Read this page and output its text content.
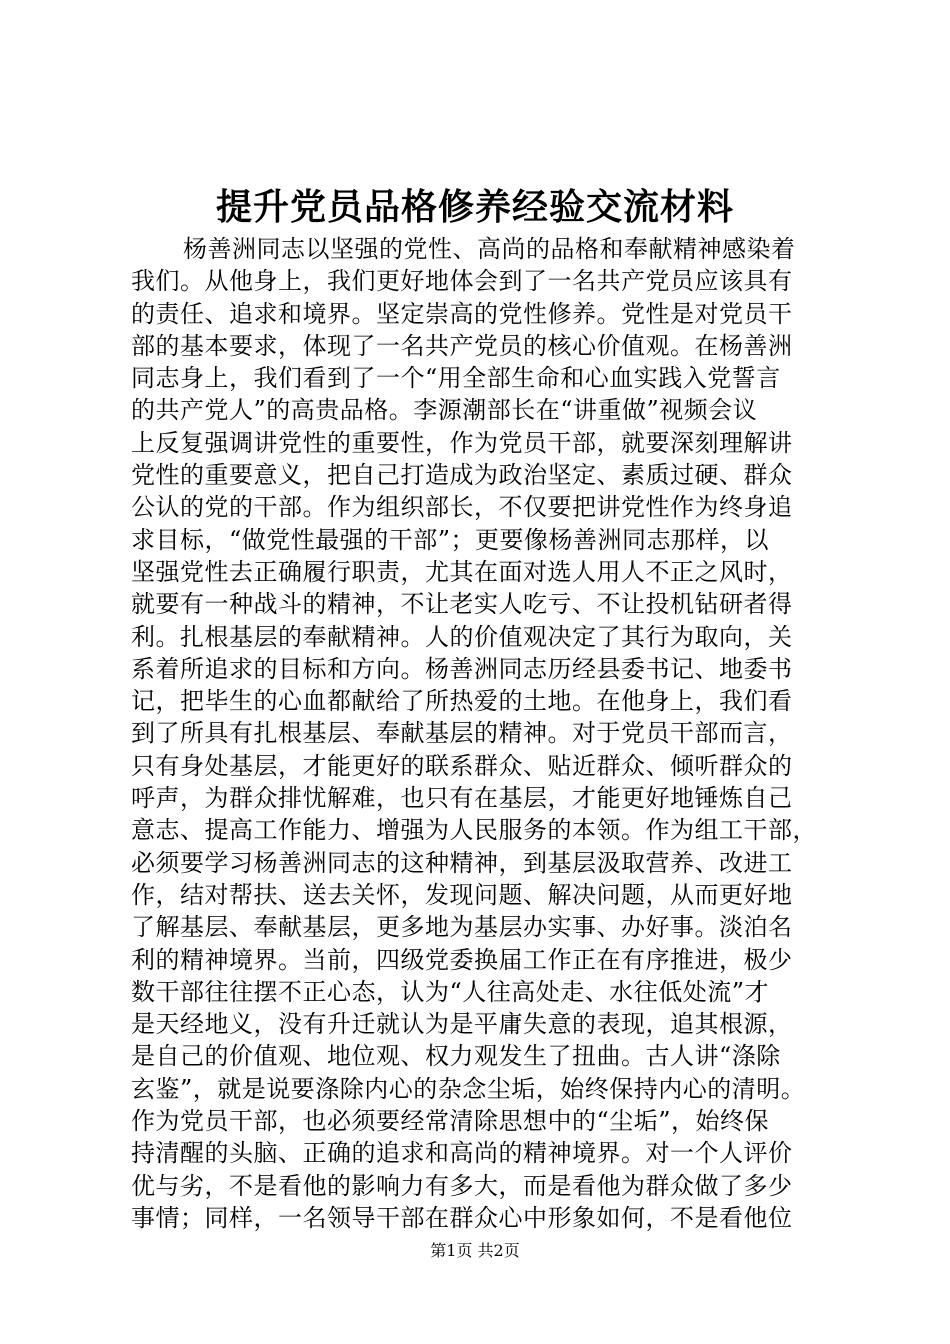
提升党员品格修养经验交流材料
杨善洲同志以坚强的党性、高尚的品格和奉献精神感染着
我们。从他身上，我们更好地体会到了一名共产党员应该具有
的责任、追求和境界。坚定崇高的党性修养。党性是对党员干
部的基本要求，体现了一名共产党员的核心价值观。在杨善洲
同志身上，我们看到了一个“用全部生命和心血实践入党誓言
的共产党人”的高贵品格。李源潮部长在“讲重做”视频会议
上反复强调讲党性的重要性，作为党员干部，就要深刻理解讲
党性的重要意义，把自己打造成为政治坚定、素质过硬、群众
公认的党的干部。作为组织部长，不仅要把讲党性作为终身追
求目标，“做党性最强的干部”；更要像杨善洲同志那样，以
坚强党性去正确履行职责，尤其在面对选人用人不正之风时，
就要有一种战斗的精神，不让老实人吃亏、不让投机钻研者得
利。扎根基层的奉献精神。人的价值观决定了其行为取向，关
系着所追求的目标和方向。杨善洲同志历经县委书记、地委书
记，把毕生的心血都献给了所热爱的土地。在他身上，我们看
到了所具有扎根基层、奉献基层的精神。对于党员干部而言，
只有身处基层，才能更好的联系群众、贴近群众、倾听群众的
呼声，为群众排忧解难，也只有在基层，才能更好地锤炼自己
意志、提高工作能力、增强为人民服务的本领。作为组工干部，
必须要学习杨善洲同志的这种精神，到基层汲取营养、改进工
作，结对帮扶、送去关怀，发现问题、解决问题，从而更好地
了解基层、奉献基层，更多地为基层办实事、办好事。淡泊名
利的精神境界。当前，四级党委换届工作正在有序推进，极少
数干部往往摆不正心态，认为“人往高处走、水往低处流”才
是天经地义，没有升迁就认为是平庸失意的表现，追其根源，
是自己的价值观、地位观、权力观发生了扭曲。古人讲“涤除
玄鉴”，就是说要涤除内心的杂念尘垢，始终保持内心的清明。
作为党员干部，也必须要经常清除思想中的“尘垢”，始终保
持清醒的头脑、正确的追求和高尚的精神境界。对一个人评价
优与劣，不是看他的影响力有多大，而是看他为群众做了多少
事情；同样，一名领导干部在群众心中形象如何，不是看他位
第1页 共2页
